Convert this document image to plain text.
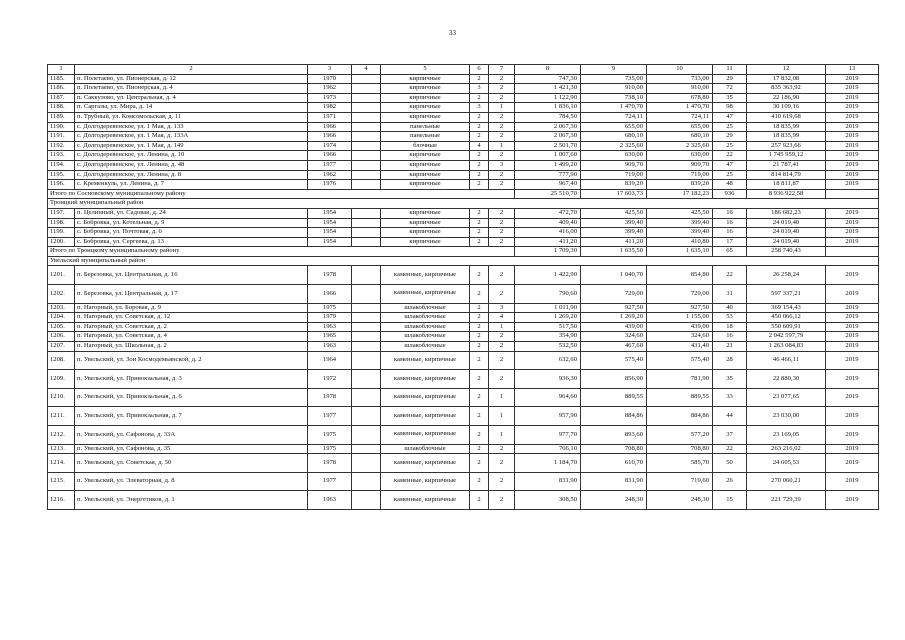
33
1	2	3	4	5	6	7	8	9	10	11	12	13
1185.	п. Полетаево, ул. Пионерская, д. 12	1970		кирпичные	2	2	747,30	735,00	733,00	29	17 832,08	2019
1186.	п. Полетаево, ул. Пионерская, д. 4	1962		кирпичные	3	2	1 421,30	910,00	910,00	72	835 363,92	2019
1187.	п. Саккулово, ул. Центральная, д. 4	1973		кирпичные	2	2	1 122,90	738,10	678,80	35	22 186,90	2019
1188.	п. Саргазы, ул. Мира, д. 14	1982		кирпичные	3	1	1 836,10	1 470,70	1 470,70	98	30 109,16	2019
1189.	п. Трубный, ул. Комсомольская, д. 11	1971		кирпичные	2	2	784,50	724,11	724,11	47	410 619,68	2019
1190.	с. Долгодеревенское, ул. 1 Мая, д. 133	1966		панельные	2	2	2 067,30	655,00	655,00	25	18 835,99	2019
1191.	с. Долгодеревенское, ул. 1 Мая, д. 133А	1966		панельные	2	2	2 067,30	680,10	680,10	29	18 835,99	2019
1192.	с. Долгодеревенское, ул. 1 Мая, д. 149	1974		блочные	4	1	2 501,70	2 325,60	2 325,60	25	257 923,66	2019
1193.	с. Долгодеревенское, ул. Ленина, д. 10	1966		кирпичные	2	2	1 007,60	630,00	630,00	22	1 745 959,12	2019
1194.	с. Долгодеревенское, ул. Ленина, д. 48	1977		кирпичные	2	3	1 499,20	909,70	909,70	47	21 787,41	2019
1195.	с. Долгодеревенское, ул. Ленина, д. 8	1962		кирпичные	2	2	777,90	719,00	719,00	25	814 814,79	2019
1196.	с. Кременкуль, ул. Ленина, д. 7	1976		кирпичные	2	2	967,40	839,20	839,20	48	18 811,87	2019
Итого по Сосновскому муниципальному району							25 510,70	17 603,73	17 182,23	936	8 936 922,58	
Троицкий муниципальный район												
1197.	п. Целинный, ул. Садовая, д. 24	1954		кирпичные	2	2	472,70	425,50	425,50	16	186 682,23	2019
1198.	с. Бобровка, ул. Котельная, д. 9	1954		кирпичные	2	2	409,40	399,40	399,40	16	24 019,40	2019
1199.	с. Бобровка, ул. Почтовая, д. 6	1954		кирпичные	2	2	416,00	399,40	399,40	16	24 019,40	2019
1200.	с. Бобровка, ул. Сергеева, д. 13	1954		кирпичные	2	2	411,20	411,20	410,80	17	24 019,40	2019
Итого по Троицкому муниципальному району							1 709,30	1 635,50	1 635,10	65	258 740,43	
Увельский муниципальный район												
1201.	п. Березовка, ул. Центральная, д. 16	1978		каменные, кирпичные	2	2	1 422,90	1 040,70	854,80	22	26 258,24	2019
1202.	п. Березовка, ул. Центральная, д. 17	1966		каменные, кирпичные	2	2	790,60	729,00	729,00	31	597 337,21	2019
1203.	п. Нагорный, ул. Боровая, д. 9	1975		шлакоблочные	2	3	1 011,90	927,50	927,50	40	369 154,43	2019
1204.	п. Нагорный, ул. Советская, д. 12	1979		шлакоблочные	2	4	1 269,20	1 269,20	1 155,00	53	450 066,12	2019
1205.	п. Нагорный, ул. Советская, д. 2	1963		шлакоблочные	2	1	517,50	439,00	439,00	18	550 609,91	2019
1206.	п. Нагорный, ул. Советская, д. 4	1965		шлакоблочные	2	2	354,90	324,60	324,60	16	2 042 597,79	2019
1207.	п. Нагорный, ул. Школьная, д. 2	1963		шлакоблочные	2	2	532,50	467,60	431,40	21	1 263 084,83	2019
1208.	п. Увельский, ул. Зои Космодемьянской, д. 2	1964		каменные, кирпичные	2	2	632,60	575,40	575,40	28	46 466,11	2019
1209.	п. Увельский, ул. Привокзальная, д. 3	1972		каменные, кирпичные	2	2	936,30	856,90	781,90	35	22 880,30	2019
1210.	п. Увельский, ул. Привокзальная, д. 6	1978		каменные, кирпичные	2	1	964,60	889,55	889,55	33	23 077,65	2019
1211.	п. Увельский, ул. Привокзальная, д. 7	1977		каменные, кирпичные	2	1	957,90	884,86	884,86	44	23 030,00	2019
1212.	п. Увельский, ул. Сафонова, д. 33А	1975		каменные, кирпичные	2	1	977,70	893,60	577,20	37	23 169,05	2019
1213.	п. Увельский, ул. Сафонова, д. 35	1975		шлакоблочные	2	2	766,10	708,80	708,80	22	263 216,02	2019
1214.	п. Увельский, ул. Советская, д. 50	1978		каменные, кирпичные	2	2	1 184,70	610,70	585,70	50	24 605,53	2019
1215.	п. Увельский, ул. Элеваторная, д. 8	1977		каменные, кирпичные	2	2	831,90	831,90	719,60	26	270 060,21	2019
1216.	п. Увельский, ул. Энергетиков, д. 1	1963		каменные, кирпичные	2	2	308,50	248,30	248,30	15	221 729,39	2019
